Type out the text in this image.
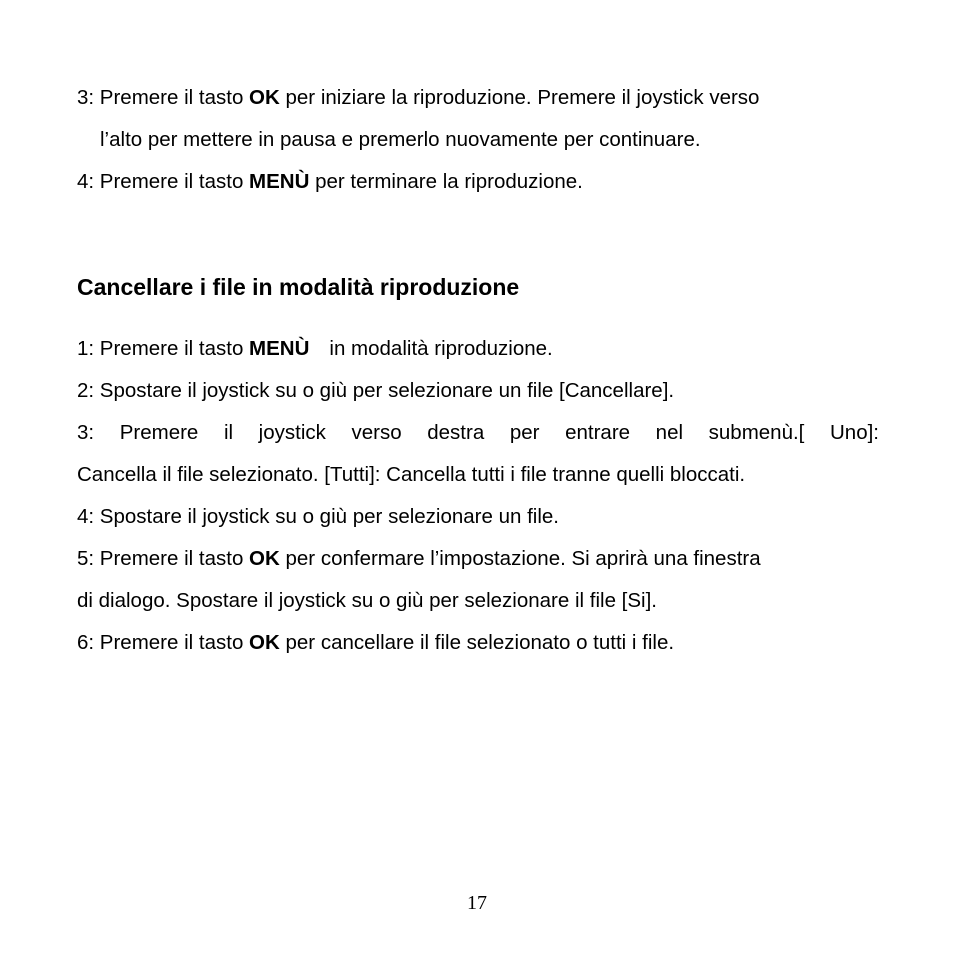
3: Premere il tasto OK per iniziare la riproduzione. Premere il joystick verso
l’alto per mettere in pausa e premerlo nuovamente per continuare.
4: Premere il tasto MENÙ per terminare la riproduzione.
Cancellare i file in modalità riproduzione
1: Premere il tasto MENÙ in modalità riproduzione.
2: Spostare il joystick su o giù per selezionare un file [Cancellare].
3: Premere il joystick verso destra per entrare nel submenù.[ Uno]:
Cancella il file selezionato. [Tutti]: Cancella tutti i file tranne quelli bloccati.
4: Spostare il joystick su o giù per selezionare un file.
5: Premere il tasto OK per confermare l’impostazione. Si aprirà una finestra
di dialogo. Spostare il joystick su o giù per selezionare il file [Si].
6: Premere il tasto OK per cancellare il file selezionato o tutti i file.
17
